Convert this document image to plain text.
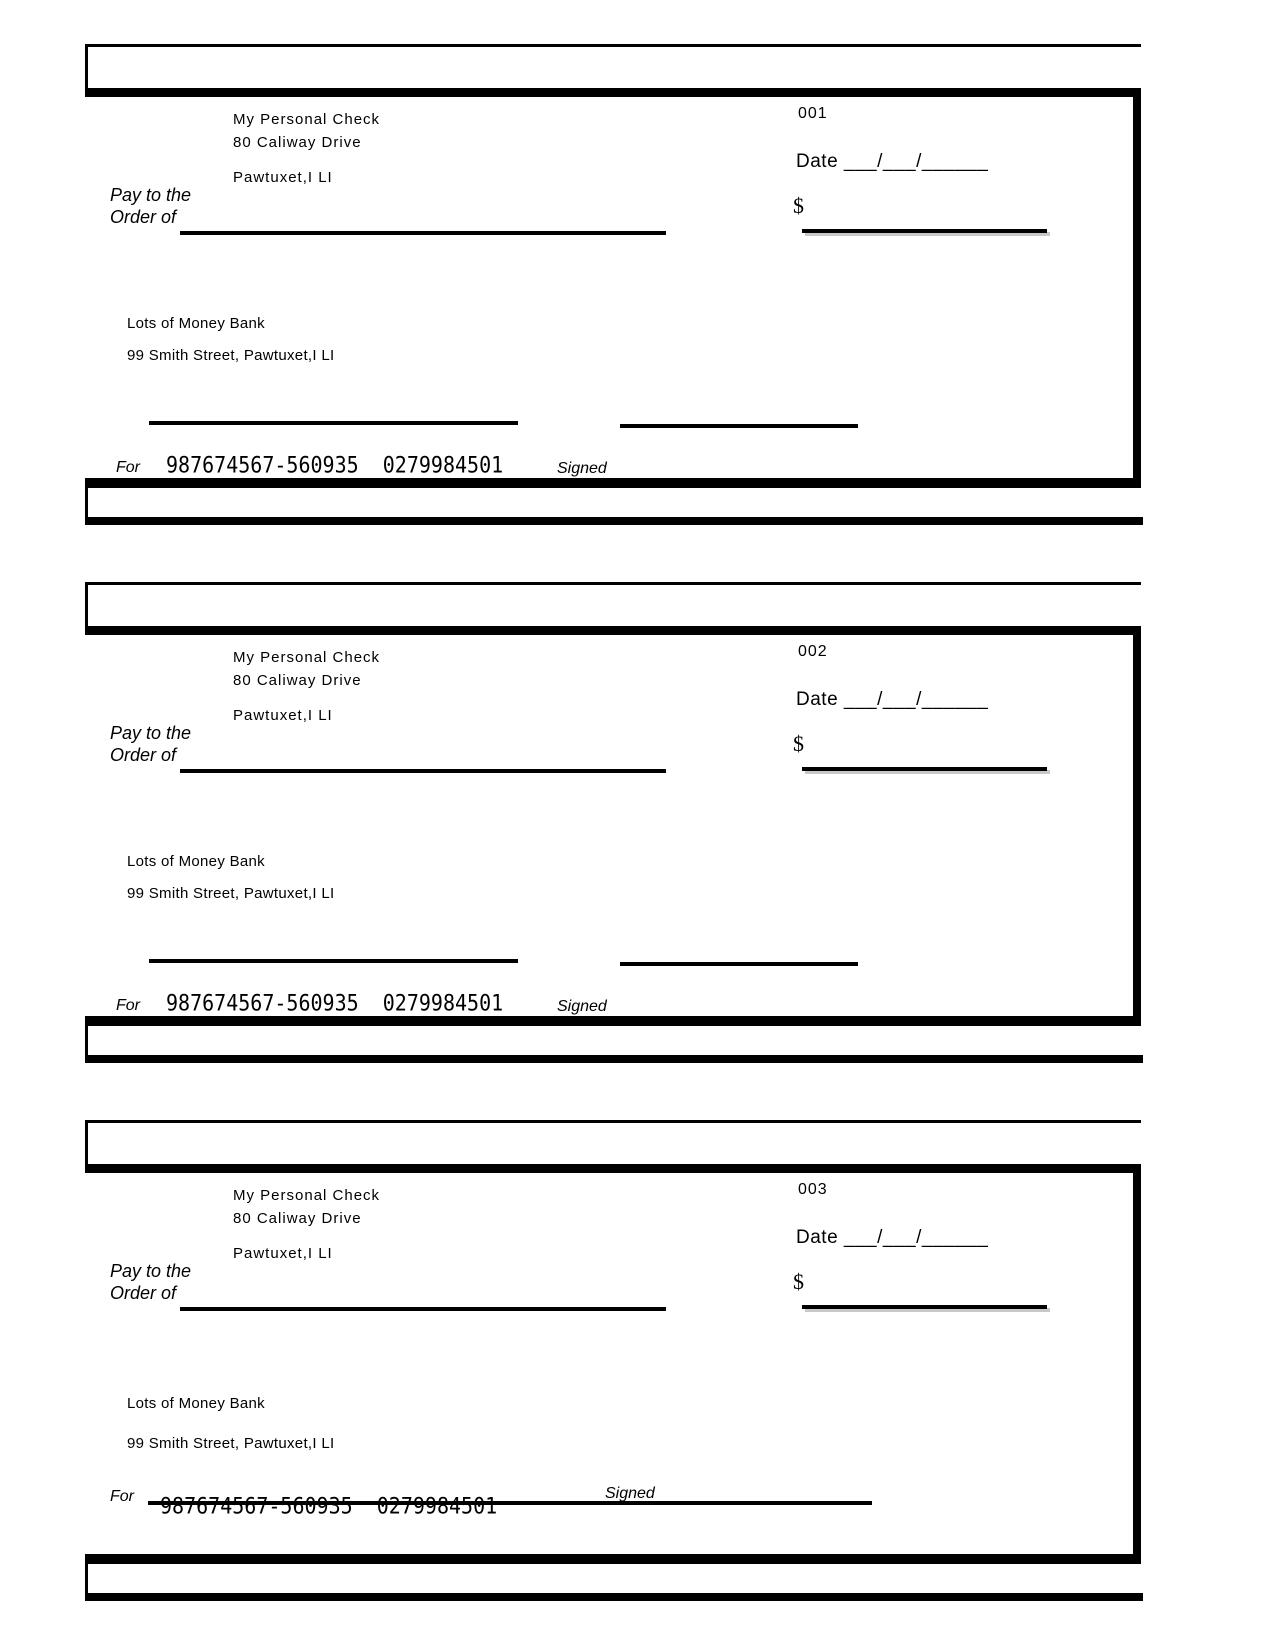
My Personal Check
80 Caliway Drive
Pawtuxet,I LI
001
Date ___/___/______
Pay to the
Order of	$
Lots of Money Bank
99 Smith Street, Pawtuxet,I LI
For 987674567-560935  0279984501	Signed
My Personal Check
80 Caliway Drive
Pawtuxet,I LI
002
Date ___/___/______
Pay to the
Order of	$
Lots of Money Bank
99 Smith Street, Pawtuxet,I LI
For 987674567-560935  0279984501	Signed
My Personal Check
80 Caliway Drive
Pawtuxet,I LI
003
Date ___/___/______
Pay to the
Order of	$
Lots of Money Bank
99 Smith Street, Pawtuxet,I LI
For 987674567-560935  0279984501	Signed
